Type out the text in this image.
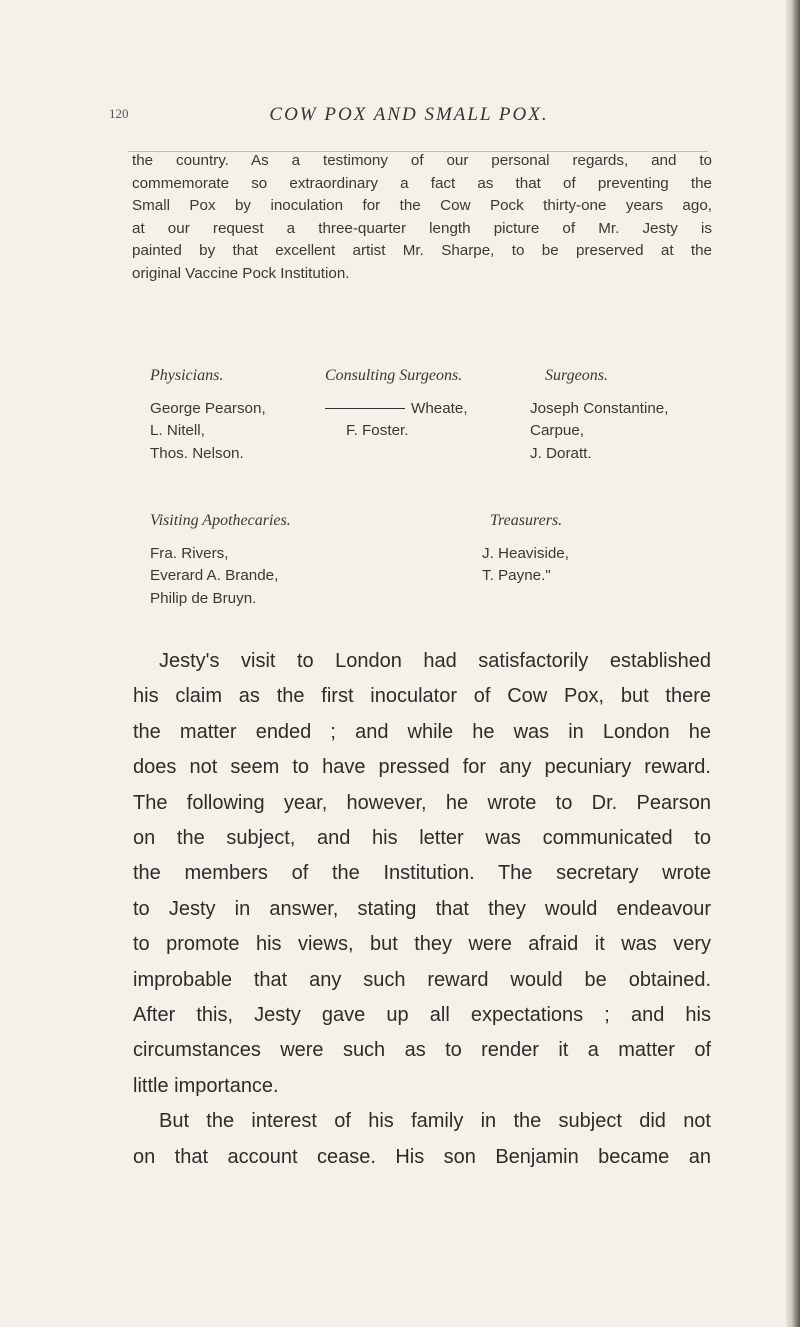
120	COW POX AND SMALL POX.
the country. As a testimony of our personal regards, and to
commemorate so extraordinary a fact as that of preventing the
Small Pox by inoculation for the Cow Pock thirty-one years ago,
at our request a three-quarter length picture of Mr. Jesty is
painted by that excellent artist Mr. Sharpe, to be preserved at the
original Vaccine Pock Institution.
Physicians.
George Pearson,
L. Nitell,
Thos. Nelson.
Consulting Surgeons.
Wheate,
F. Foster.
Surgeons.
Joseph Constantine,
Carpue,
J. Doratt.
Visiting Apothecaries.
Fra. Rivers,
Everard A. Brande,
Philip de Bruyn.
Treasurers.
J. Heaviside,
T. Payne."
Jesty's visit to London had satisfactorily established
his claim as the first inoculator of Cow Pox, but there
the matter ended ; and while he was in London he
does not seem to have pressed for any pecuniary reward.
The following year, however, he wrote to Dr. Pearson
on the subject, and his letter was communicated to
the members of the Institution. The secretary wrote
to Jesty in answer, stating that they would endeavour
to promote his views, but they were afraid it was very
improbable that any such reward would be obtained.
After this, Jesty gave up all expectations ; and his
circumstances were such as to render it a matter of
little importance.
But the interest of his family in the subject did not
on that account cease. His son Benjamin became an
